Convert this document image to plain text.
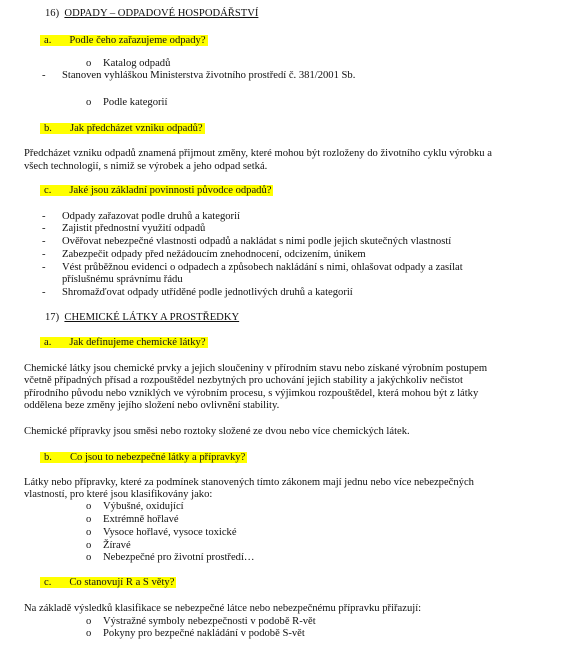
16) ODPADY – ODPADOVÉ HOSPODÁŘSTVÍ
a. Podle čeho zařazujeme odpady?
o Katalog odpadů
- Stanoven vyhláškou Ministerstva životního prostředí č. 381/2001 Sb.
o Podle kategorií
b. Jak předcházet vzniku odpadů?
Předcházet vzniku odpadů znamená přijmout změny, které mohou být rozloženy do životního cyklu výrobku a
všech technologií, s nimiž se výrobek a jeho odpad setká.
c. Jaké jsou základní povinnosti původce odpadů?
- Odpady zařazovat podle druhů a kategorií
- Zajistit přednostní využití odpadů
- Ověřovat nebezpečné vlastnosti odpadů a nakládat s nimi podle jejich skutečných vlastností
- Zabezpečit odpady před nežádoucím znehodnocení, odcizením, únikem
- Vést průběžnou evidenci o odpadech a způsobech nakládání s nimi, ohlašovat odpady a zasílat
příslušnému správnímu řádu
- Shromažďovat odpady utříděné podle jednotlivých druhů a kategorií
17) CHEMICKÉ LÁTKY A PROSTŘEDKY
a. Jak definujeme chemické látky?
Chemické látky jsou chemické prvky a jejich sloučeniny v přírodním stavu nebo získané výrobním postupem
včetně případných přísad a rozpouštědel nezbytných pro uchování jejich stability a jakýchkoliv nečistot
přírodního původu nebo vzniklých ve výrobním procesu, s výjimkou rozpouštědel, která mohou být z látky
oddělena beze změny jejího složení nebo ovlivnění stability.
Chemické přípravky jsou směsi nebo roztoky složené ze dvou nebo více chemických látek.
b. Co jsou to nebezpečné látky a přípravky?
Látky nebo přípravky, které za podmínek stanovených tímto zákonem mají jednu nebo více nebezpečných
vlastností, pro které jsou klasifikovány jako:
o Výbušné, oxidující
o Extrémně hořlavé
o Vysoce hořlavé, vysoce toxické
o Žíravé
o Nebezpečné pro životní prostředí…
c. Co stanovují R a S věty?
Na základě výsledků klasifikace se nebezpečné látce nebo nebezpečnému přípravku přiřazují:
o Výstražné symboly nebezpečnosti v podobě R-vět
o Pokyny pro bezpečné nakládání v podobě S-vět
